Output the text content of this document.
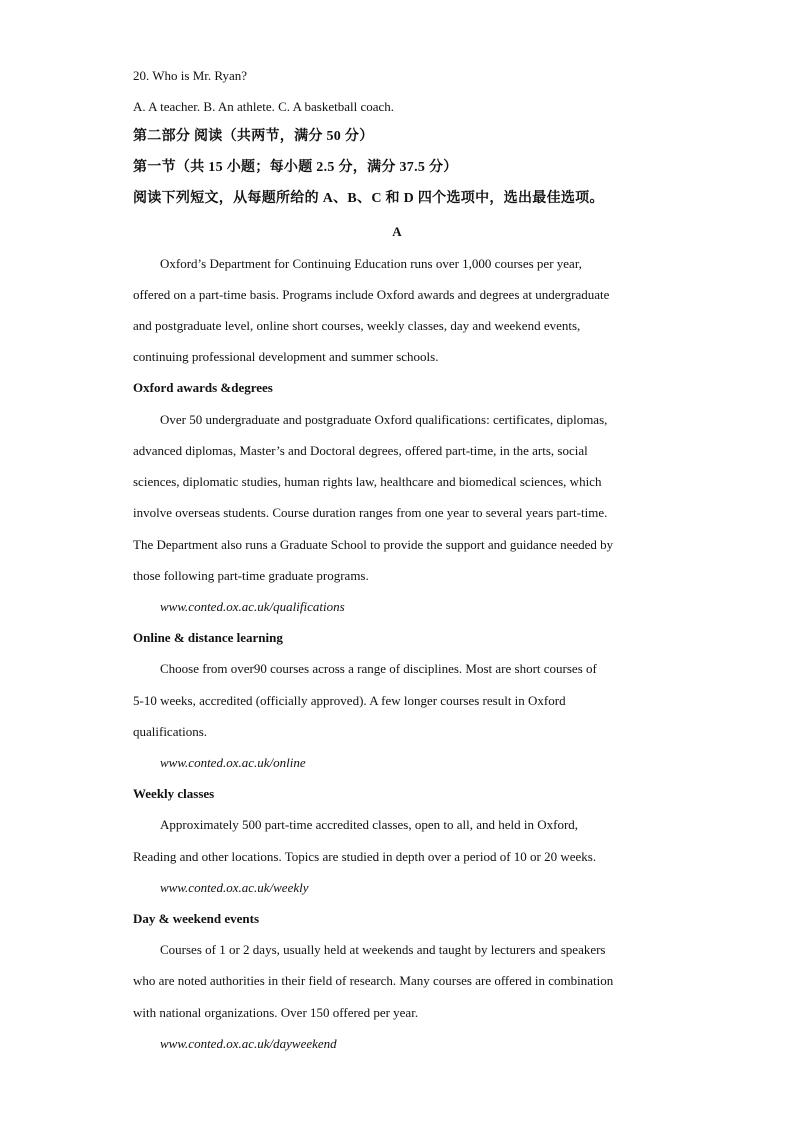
20. Who is Mr. Ryan?
A. A teacher. B. An athlete. C. A basketball coach.
第二部分 阅读（共两节，满分 50 分）
第一节（共 15 小题；每小题 2.5 分，满分 37.5 分）
阅读下列短文，从每题所给的 A、B、C 和 D 四个选项中，选出最佳选项。
A
Oxford’s Department for Continuing Education runs over 1,000 courses per year,
offered on a part-time basis. Programs include Oxford awards and degrees at undergraduate
and postgraduate level, online short courses, weekly classes, day and weekend events,
continuing professional development and summer schools.
Oxford awards &degrees
Over 50 undergraduate and postgraduate Oxford qualifications: certificates, diplomas,
advanced diplomas, Master’s and Doctoral degrees, offered part-time, in the arts, social
sciences, diplomatic studies, human rights law, healthcare and biomedical sciences, which
involve overseas students. Course duration ranges from one year to several years part-time.
The Department also runs a Graduate School to provide the support and guidance needed by
those following part-time graduate programs.
www.conted.ox.ac.uk/qualifications
Online & distance learning
Choose from over90 courses across a range of disciplines. Most are short courses of
5-10 weeks, accredited (officially approved). A few longer courses result in Oxford
qualifications.
www.conted.ox.ac.uk/online
Weekly classes
Approximately 500 part-time accredited classes, open to all, and held in Oxford,
Reading and other locations. Topics are studied in depth over a period of 10 or 20 weeks.
www.conted.ox.ac.uk/weekly
Day & weekend events
Courses of 1 or 2 days, usually held at weekends and taught by lecturers and speakers
who are noted authorities in their field of research. Many courses are offered in combination
with national organizations. Over 150 offered per year.
www.conted.ox.ac.uk/dayweekend
